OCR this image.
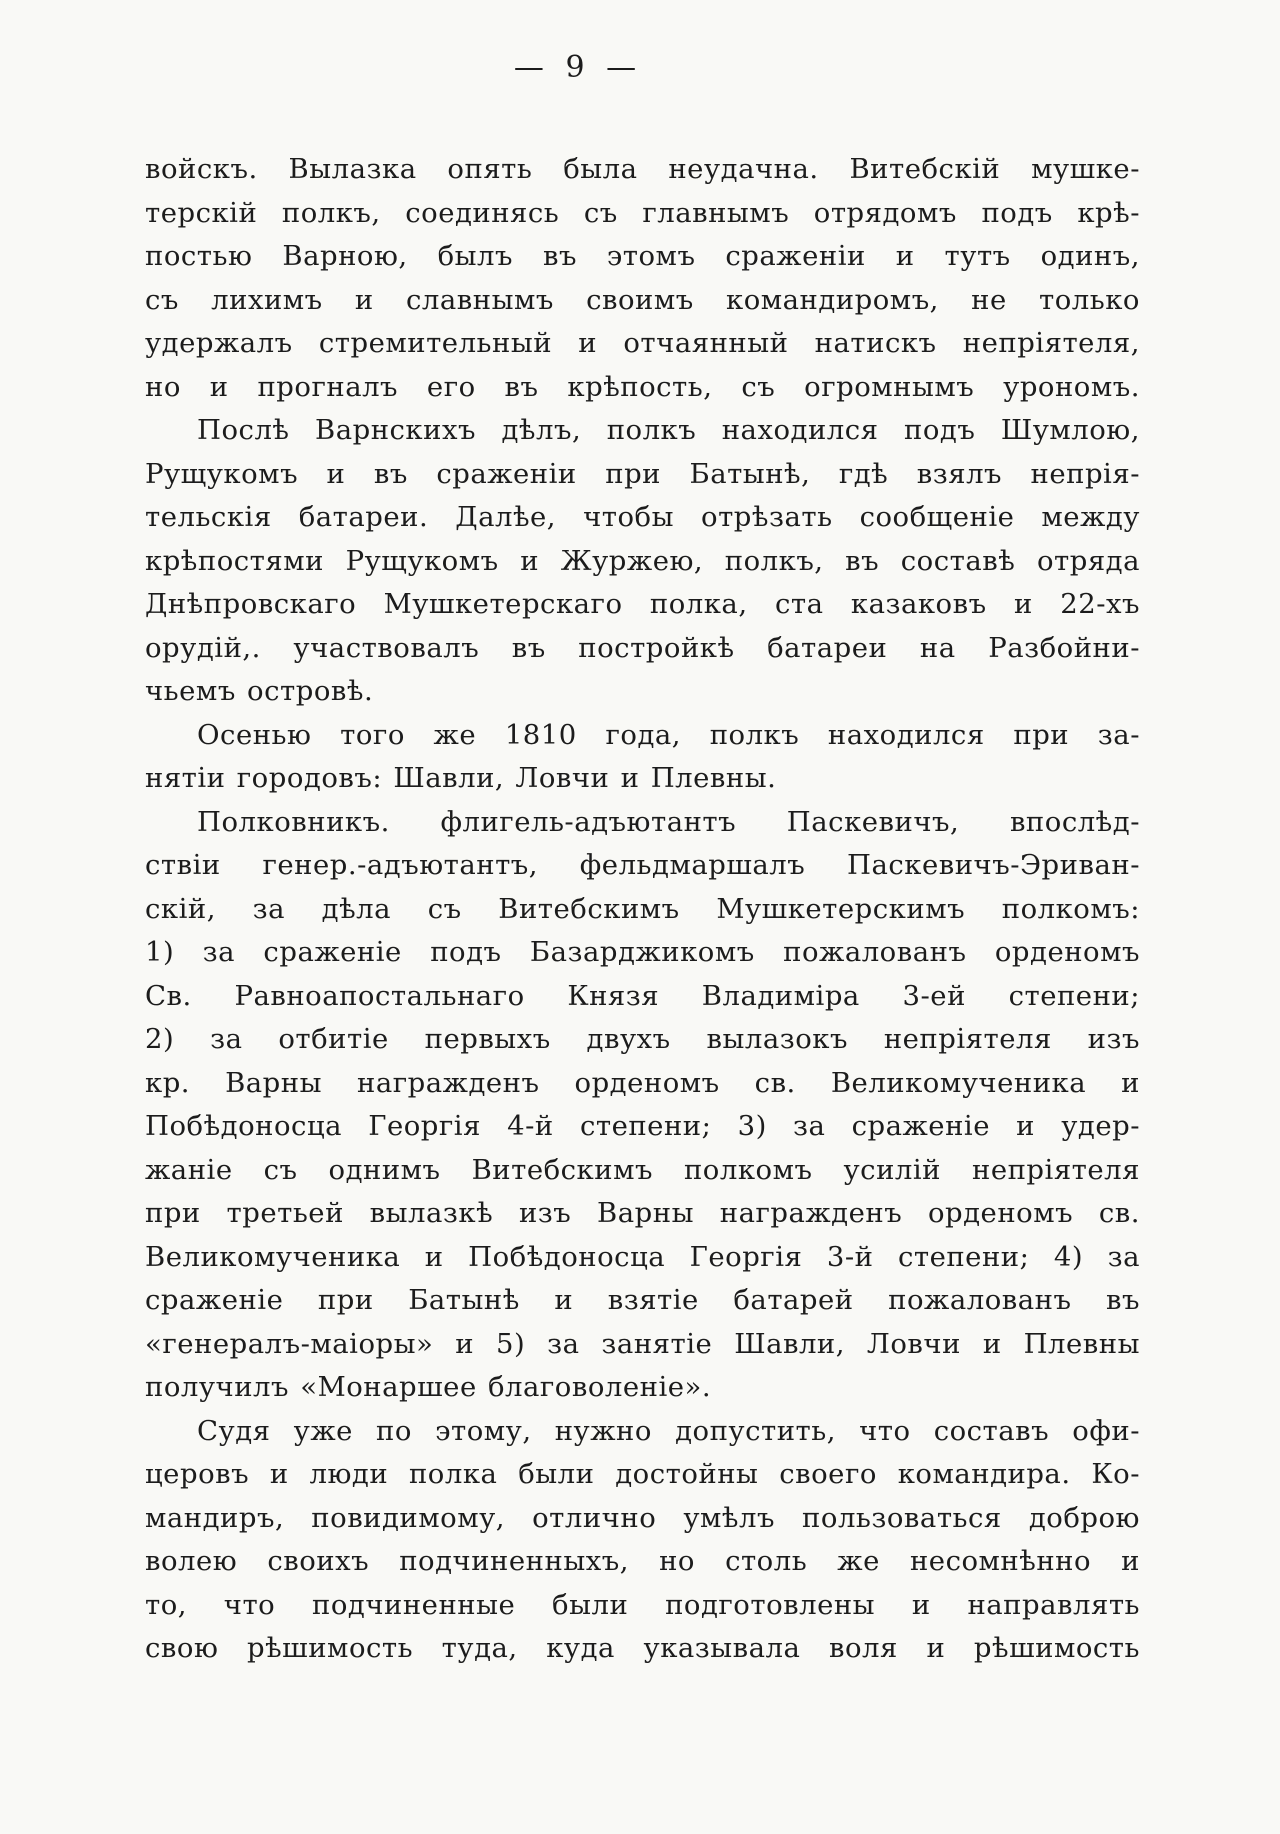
— 9 —

войскъ. Вылазка опять была неудачна. Витебскій мушке-
терскій полкъ, соединясь съ главнымъ отрядомъ подъ крѣ-
постью Варною, былъ въ этомъ сраженіи и тутъ одинъ,
съ лихимъ и славнымъ своимъ командиромъ, не только
удержалъ стремительный и отчаянный натискъ непріятеля,
но и прогналъ его въ крѣпость, съ огромнымъ урономъ.

Послѣ Варнскихъ дѣлъ, полкъ находился подъ Шумлою,
Рущукомъ и въ сраженіи при Батынѣ, гдѣ взялъ непрія-
тельскія батареи. Далѣе, чтобы отрѣзать сообщеніе между
крѣпостями Рущукомъ и Журжею, полкъ, въ составѣ отряда
Днѣпровскаго Мушкетерскаго полка, ста казаковъ и 22-хъ
орудій,. участвовалъ въ постройкѣ батареи на Разбойни-
чьемъ островѣ.

Осенью того же 1810 года, полкъ находился при за-
нятіи городовъ: Шавли, Ловчи и Плевны.

Полковникъ. флигель-адъютантъ Паскевичъ, впослѣд-
ствіи генер.-адъютантъ, фельдмаршалъ Паскевичъ-Эриван-
скій, за дѣла съ Витебскимъ Мушкетерскимъ полкомъ:
1) за сраженіе подъ Базарджикомъ пожалованъ орденомъ
Св. Равноапостальнаго Князя Владиміра 3-ей степени;
2) за отбитіе первыхъ двухъ вылазокъ непріятеля изъ
кр. Варны награжденъ орденомъ св. Великомученика и
Побѣдоносца Георгія 4-й степени; 3) за сраженіе и удер-
жаніе съ однимъ Витебскимъ полкомъ усилій непріятеля
при третьей вылазкѣ изъ Варны награжденъ орденомъ св.
Великомученика и Побѣдоносца Георгія 3-й степени; 4) за
сраженіе при Батынѣ и взятіе батарей пожалованъ въ
«генералъ-маіоры» и 5) за занятіе Шавли, Ловчи и Плевны
получилъ «Монаршее благоволеніе».

Судя уже по этому, нужно допустить, что составъ офи-
церовъ и люди полка были достойны своего командира. Ко-
мандиръ, повидимому, отлично умѣлъ пользоваться доброю
волею своихъ подчиненныхъ, но столь же несомнѣнно и
то, что подчиненные были подготовлены и направлять
свою рѣшимость туда, куда указывала воля и рѣшимость
